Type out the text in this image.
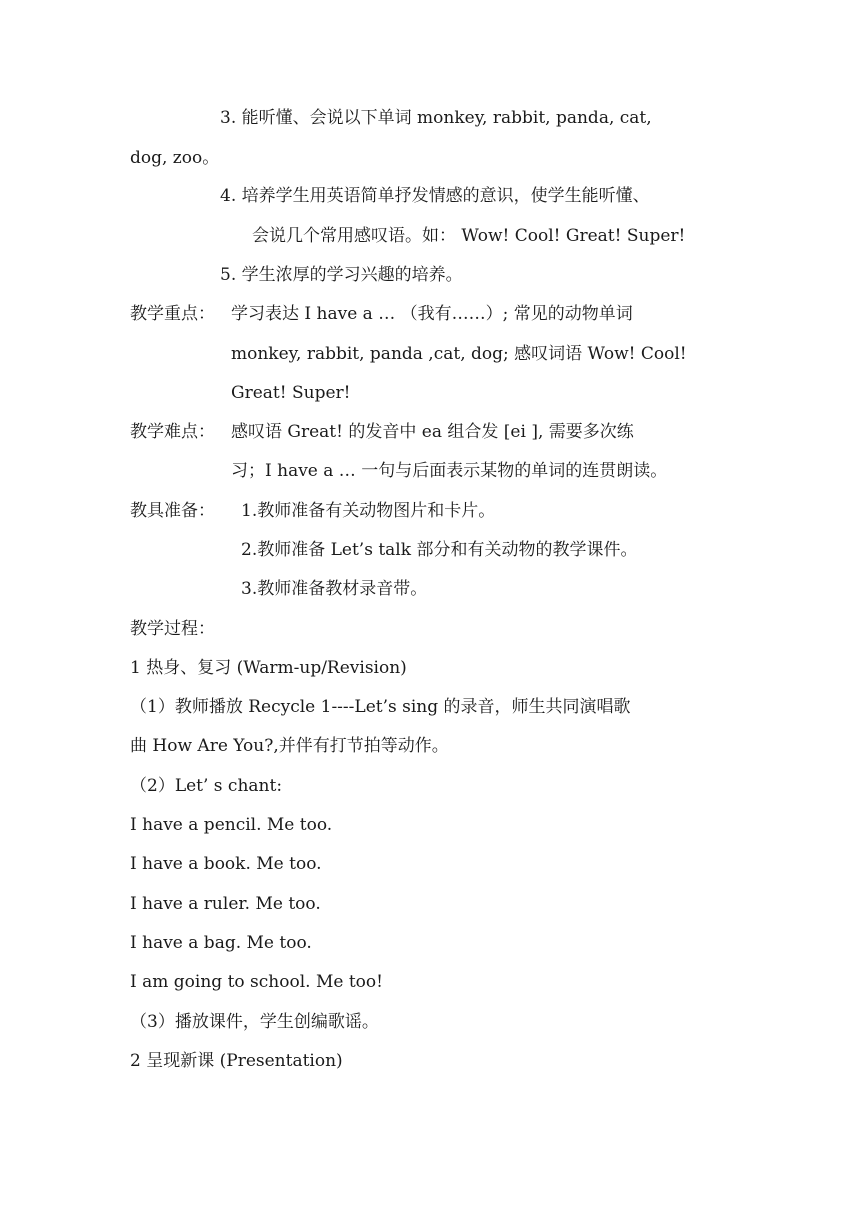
3. 能听懂、会说以下单词 monkey, rabbit, panda, cat,
dog, zoo。
4. 培养学生用英语简单抒发情感的意识，使学生能听懂、
会说几个常用感叹语。如： Wow! Cool! Great! Super!
5. 学生浓厚的学习兴趣的培养。
教学重点： 学习表达 I have a … （我有……）; 常见的动物单词
monkey, rabbit, panda ,cat, dog; 感叹词语 Wow! Cool!
Great! Super!
教学难点： 感叹语 Great! 的发音中 ea 组合发 [ei ], 需要多次练
习；I have a … 一句与后面表示某物的单词的连贯朗读。
教具准备： 1.教师准备有关动物图片和卡片。
2.教师准备 Let’s talk 部分和有关动物的教学课件。
3.教师准备教材录音带。
教学过程：
1 热身、复习 (Warm-up/Revision)
（1）教师播放 Recycle 1----Let’s sing 的录音，师生共同演唱歌
曲 How Are You?,并伴有打节拍等动作。
（2）Let’ s chant:
I have a pencil. Me too.
I have a book. Me too.
I have a ruler. Me too.
I have a bag. Me too.
I am going to school. Me too!
（3）播放课件，学生创编歌谣。
2 呈现新课 (Presentation)
